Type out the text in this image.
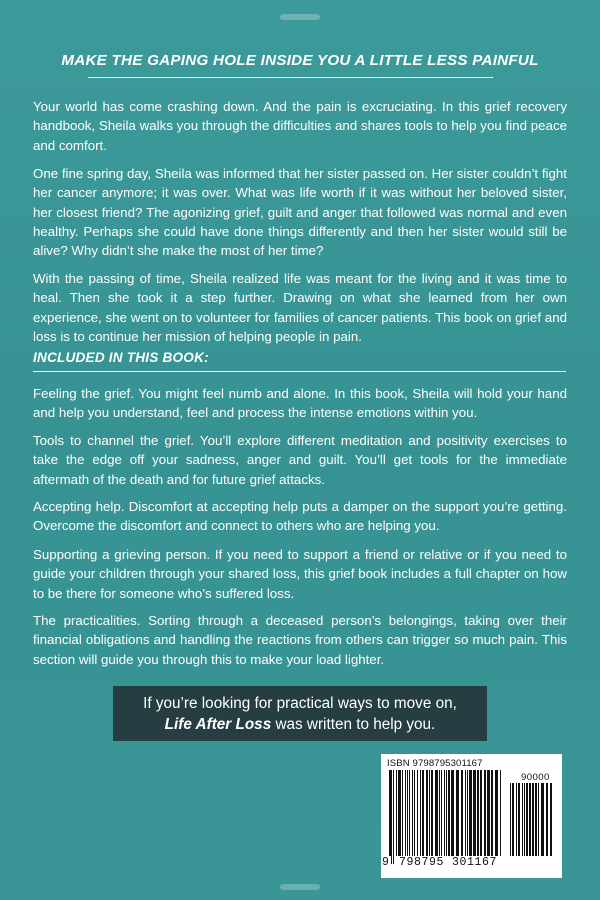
MAKE THE GAPING HOLE INSIDE YOU A LITTLE LESS PAINFUL

Your world has come crashing down. And the pain is excruciating. In this grief recovery handbook, Sheila walks you through the difficulties and shares tools to help you find peace and comfort.

One fine spring day, Sheila was informed that her sister passed on. Her sister couldn’t fight her cancer anymore; it was over. What was life worth if it was without her beloved sister, her closest friend? The agonizing grief, guilt and anger that followed was normal and even healthy. Perhaps she could have done things differently and then her sister would still be alive? Why didn’t she make the most of her time?

With the passing of time, Sheila realized life was meant for the living and it was time to heal. Then she took it a step further. Drawing on what she learned from her own experience, she went on to volunteer for families of cancer patients. This book on grief and loss is to continue her mission of helping people in pain.

INCLUDED IN THIS BOOK:

Feeling the grief. You might feel numb and alone. In this book, Sheila will hold your hand and help you understand, feel and process the intense emotions within you.

Tools to channel the grief. You’ll explore different meditation and positivity exercises to take the edge off your sadness, anger and guilt. You’ll get tools for the immediate aftermath of the death and for future grief attacks.

Accepting help. Discomfort at accepting help puts a damper on the support you’re getting. Overcome the discomfort and connect to others who are helping you.

Supporting a grieving person. If you need to support a friend or relative or if you need to guide your children through your shared loss, this grief book includes a full chapter on how to be there for someone who’s suffered loss.

The practicalities. Sorting through a deceased person’s belongings, taking over their financial obligations and handling the reactions from others can trigger so much pain. This section will guide you through this to make your load lighter.

If you’re looking for practical ways to move on,
Life After Loss was written to help you.
ISBN 9798795301167
90000
9 798795 301167
